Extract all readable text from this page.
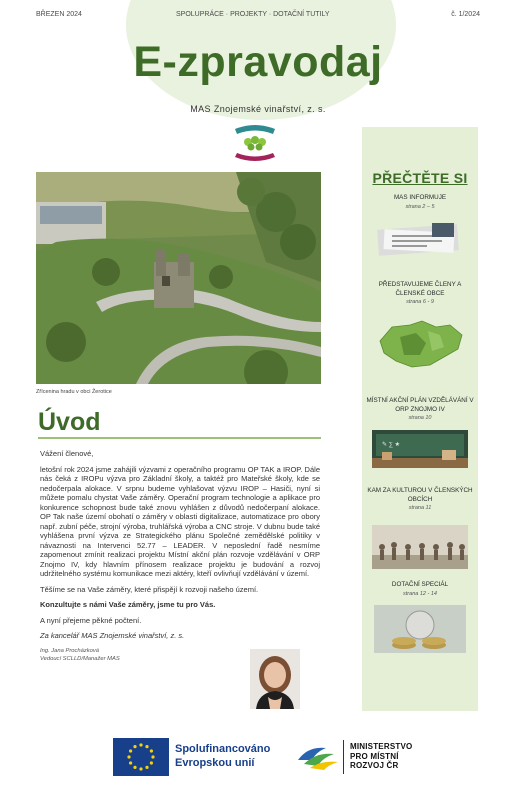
BŘEZEN 2024	SPOLUPRÁCE · PROJEKTY · DOTAČNÍ TUTILY	č. 1/2024
E-zpravodaj
MAS Znojemské vinařství, z. s.
Zřícenina hradu v obci Žerotice
Úvod

Vážení členové,

letošní rok 2024 jsme zahájili výzvami z operačního programu OP TAK a IROP. Dále nás čeká z IROPu výzva pro Základní školy, a taktéž pro Mateřské školy, kde se nedočerpala alokace. V srpnu budeme vyhlašovat výzvu IROP – Hasiči, nyní si můžete pomalu chystat Vaše záměry. Operační program technologie a aplikace pro konkurence schopnost bude také znovu vyhlášen z důvodů nedočerpaní alokace. OP Tak naše území obohatí o záměry v oblasti digitalizace, automatizace pro obory např. zubní péče, strojní výroba, truhlářská výroba a CNC stroje. V dubnu bude také vyhlášena první výzva ze Strategického plánu Společné zemědělské politiky v návaznosti na Intervenci 52.77 – LEADER. V neposlední řadě nesmíme zapomenout zmínit realizaci projektu Místní akční plán rozvoje vzdělávání v ORP Znojmo IV, kdy hlavním přínosem realizace projektu je budování a rozvoj udržitelného systému komunikace mezi aktéry, kteří ovlivňují vzdělávání v území.

Těšíme se na Vaše záměry, které přispějí k rozvoji našeho území.

Konzultujte s námi Vaše záměry, jsme tu pro Vás.

A nyní přejeme pěkné počtení.

Za kancelář MAS Znojemské vinařství, z. s.

Ing. Jana Procházková
Vedoucí SCLLD/Manažer MAS
PŘEČTĚTE SI
MAS INFORMUJE
strana 2 – 5
PŘEDSTAVUJEME ČLENY A ČLENSKÉ OBCE
strana 6 - 9
MÍSTNÍ AKČNÍ PLÁN VZDĚLÁVÁNÍ V ORP ZNOJMO IV
strana 10
✎ ∑ ★
KAM ZA KULTUROU V ČLENSKÝCH OBCÍCH
strana 11
DOTAČNÍ SPECIÁL
strana 12 - 14
Spolufinancováno
Evropskou unií
MINISTERSTVO
PRO MÍSTNÍ
ROZVOJ ČR
